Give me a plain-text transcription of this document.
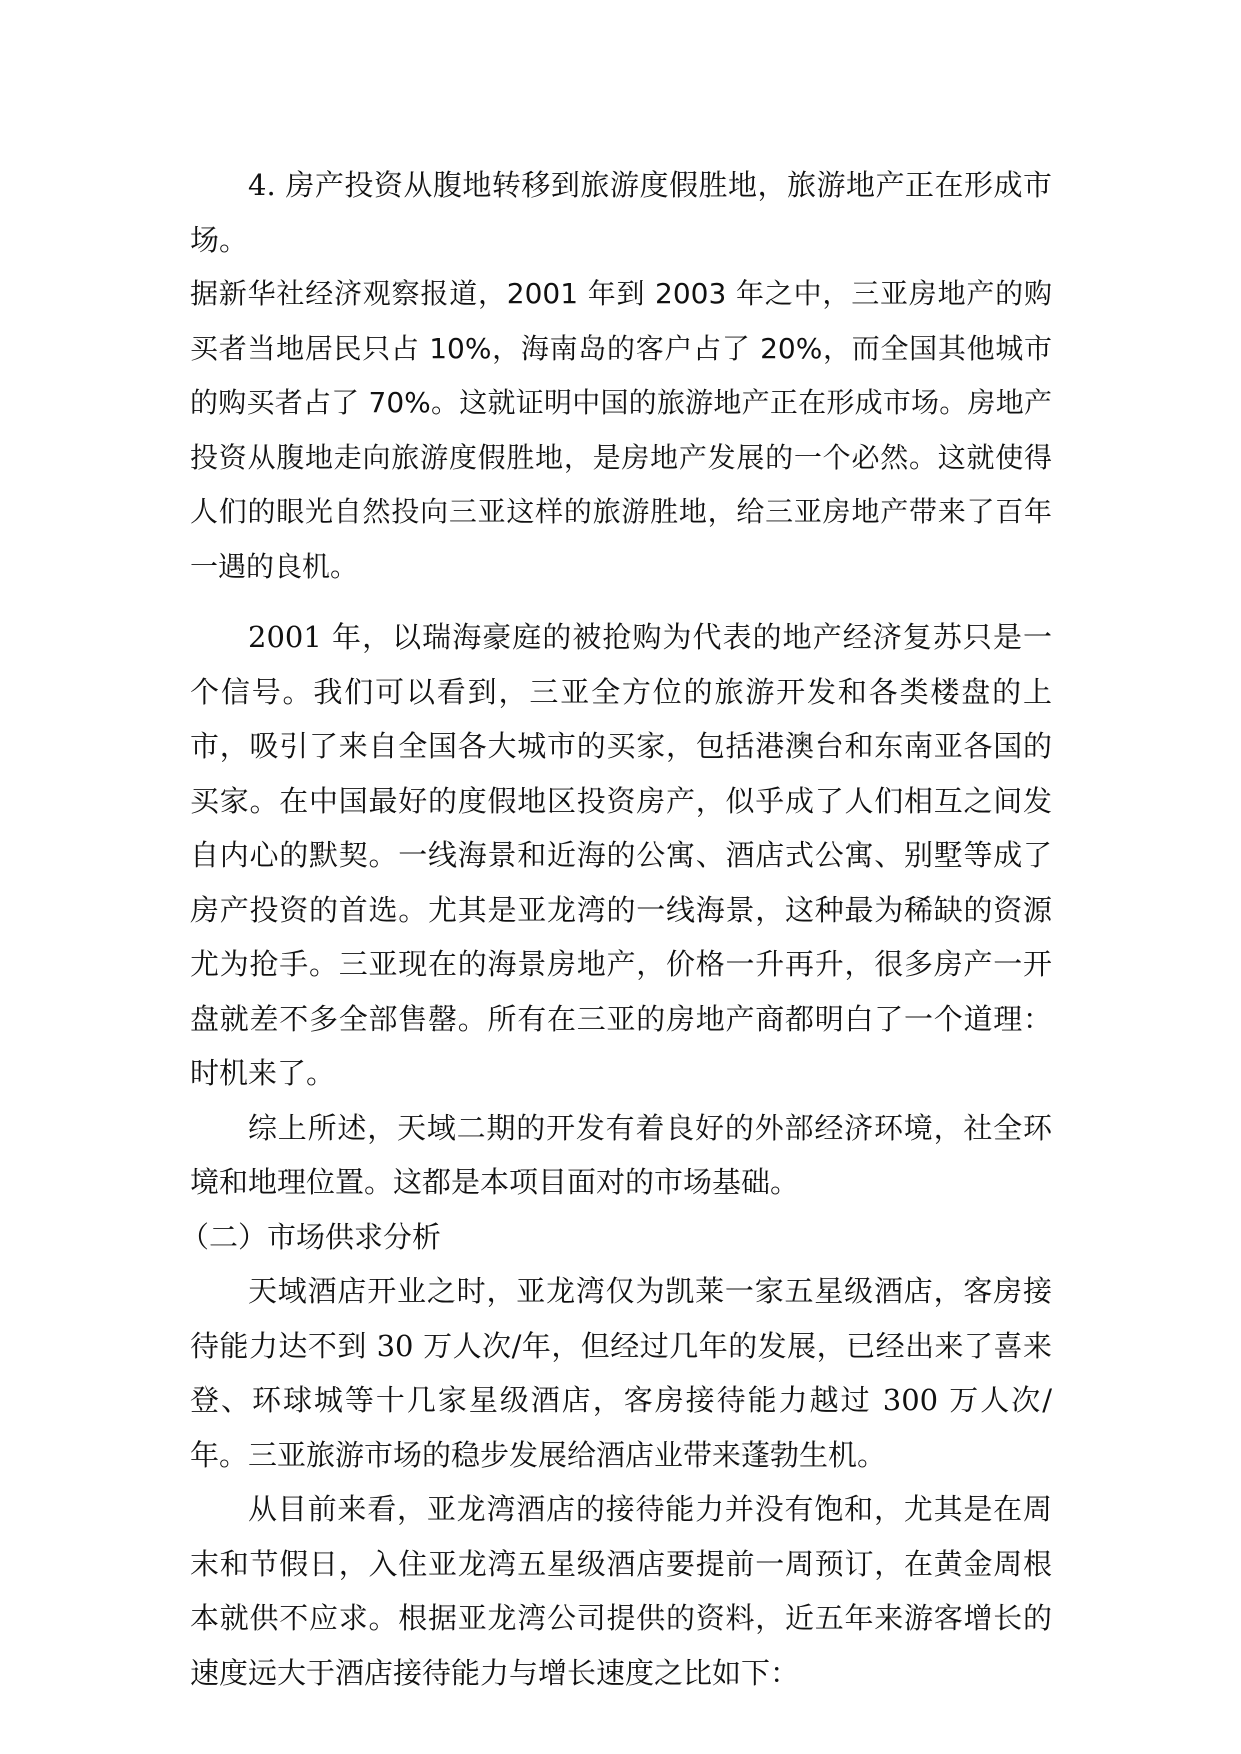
4. 房产投资从腹地转移到旅游度假胜地，旅游地产正在形成市场。

据新华社经济观察报道，2001 年到 2003 年之中，三亚房地产的购买者当地居民只占 10%，海南岛的客户占了 20%，而全国其他城市的购买者占了 70%。这就证明中国的旅游地产正在形成市场。房地产投资从腹地走向旅游度假胜地，是房地产发展的一个必然。这就使得人们的眼光自然投向三亚这样的旅游胜地，给三亚房地产带来了百年一遇的良机。

2001 年，以瑞海豪庭的被抢购为代表的地产经济复苏只是一个信号。我们可以看到，三亚全方位的旅游开发和各类楼盘的上市，吸引了来自全国各大城市的买家，包括港澳台和东南亚各国的买家。在中国最好的度假地区投资房产，似乎成了人们相互之间发自内心的默契。一线海景和近海的公寓、酒店式公寓、别墅等成了房产投资的首选。尤其是亚龙湾的一线海景，这种最为稀缺的资源尤为抢手。三亚现在的海景房地产，价格一升再升，很多房产一开盘就差不多全部售罄。所有在三亚的房地产商都明白了一个道理：时机来了。

综上所述，天域二期的开发有着良好的外部经济环境，社全环境和地理位置。这都是本项目面对的市场基础。

（二）市场供求分析

天域酒店开业之时，亚龙湾仅为凯莱一家五星级酒店，客房接待能力达不到 30 万人次/年，但经过几年的发展，已经出来了喜来登、环球城等十几家星级酒店，客房接待能力越过 300 万人次/年。三亚旅游市场的稳步发展给酒店业带来蓬勃生机。

从目前来看，亚龙湾酒店的接待能力并没有饱和，尤其是在周末和节假日，入住亚龙湾五星级酒店要提前一周预订，在黄金周根本就供不应求。根据亚龙湾公司提供的资料，近五年来游客增长的速度远大于酒店接待能力与增长速度之比如下：
